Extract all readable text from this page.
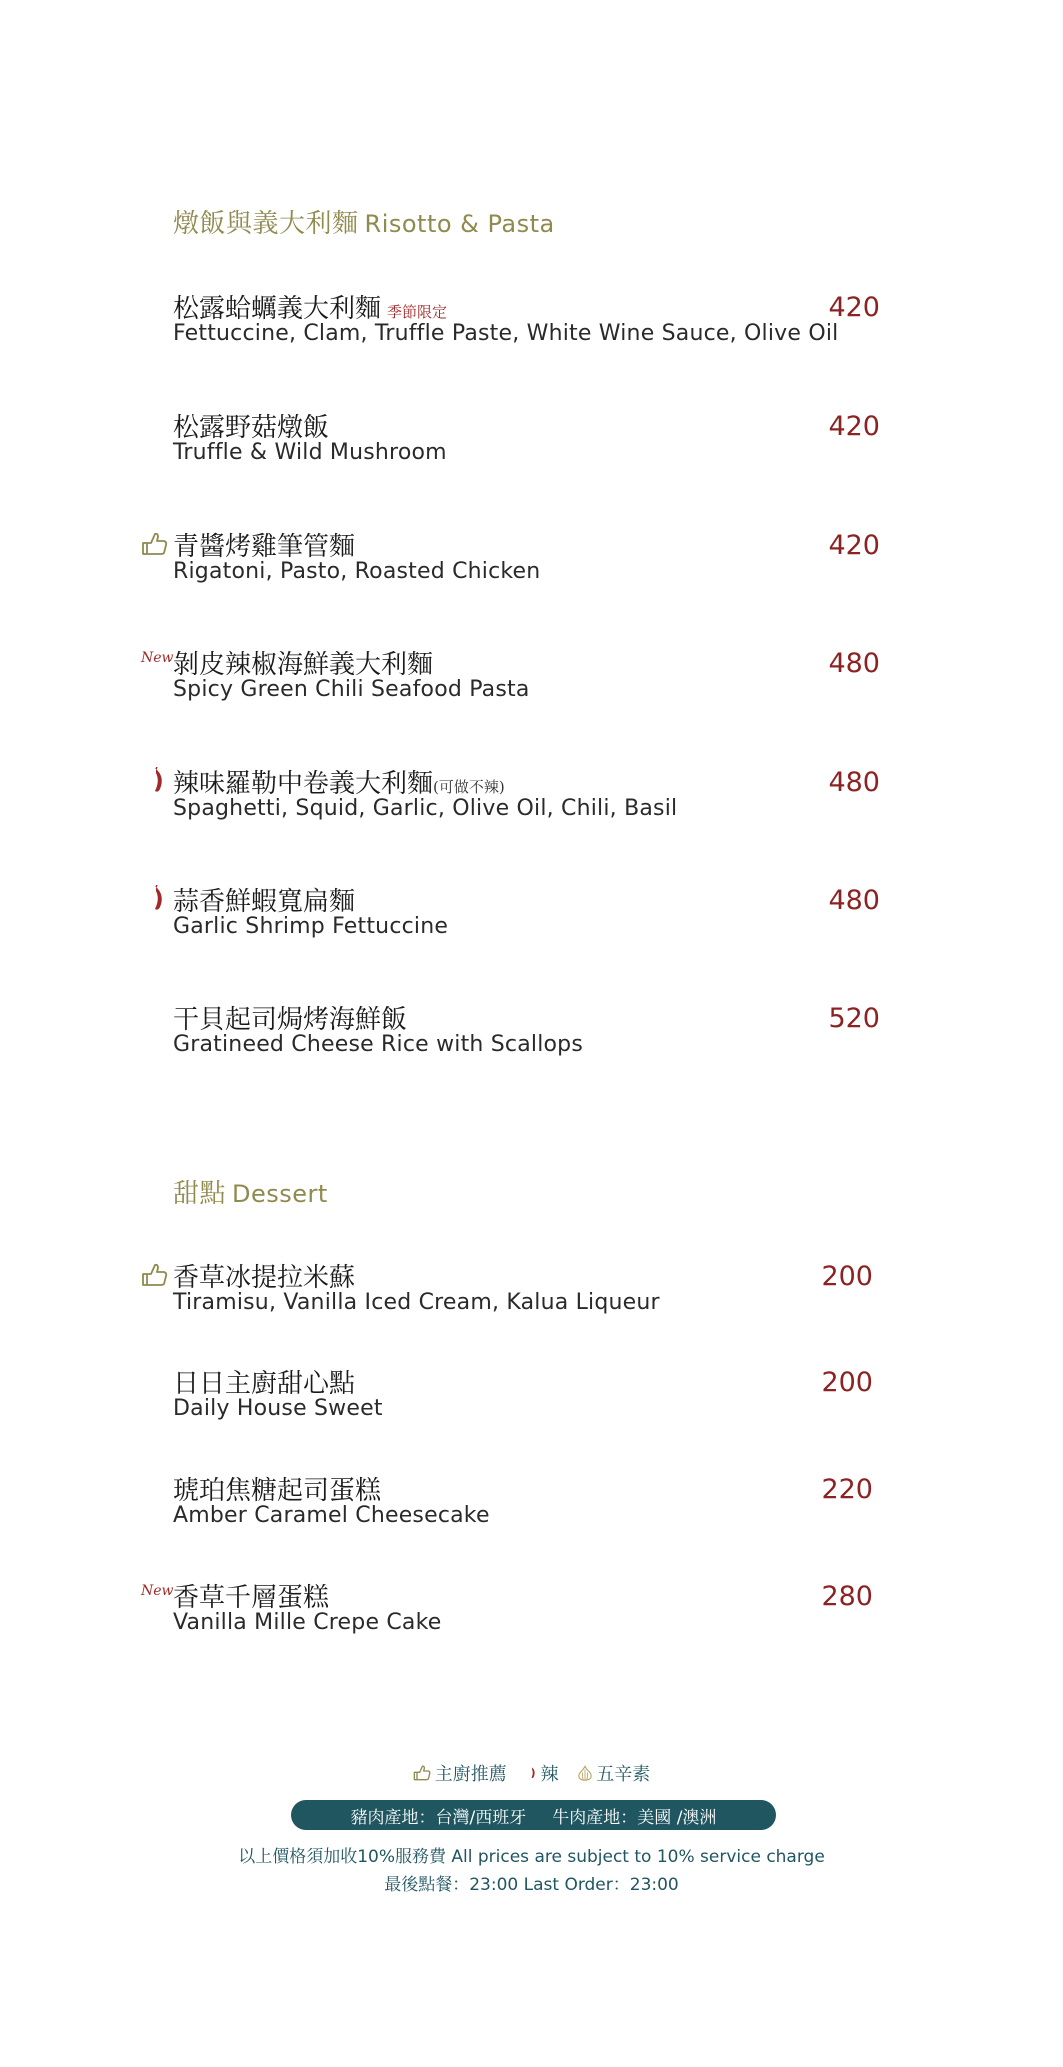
燉飯與義大利麵 Risotto & Pasta
松露蛤蠣義大利麵 季節限定
Fettuccine, Clam, Truffle Paste, White Wine Sauce, Olive Oil
420
松露野菇燉飯
Truffle & Wild Mushroom
420
青醬烤雞筆管麵
Rigatoni, Pasto, Roasted Chicken
420
New 剝皮辣椒海鮮義大利麵
Spicy Green Chili Seafood Pasta
480
辣味羅勒中卷義大利麵(可做不辣)
Spaghetti, Squid, Garlic, Olive Oil, Chili, Basil
480
蒜香鮮蝦寬扁麵
Garlic Shrimp Fettuccine
480
干貝起司焗烤海鮮飯
Gratineed Cheese Rice with Scallops
520
甜點 Dessert
香草冰提拉米蘇
Tiramisu, Vanilla Iced Cream, Kalua Liqueur
200
日日主廚甜心點
Daily House Sweet
200
琥珀焦糖起司蛋糕
Amber Caramel Cheesecake
220
New 香草千層蛋糕
Vanilla Mille Crepe Cake
280
主廚推薦
辣
五辛素
豬肉產地：台灣/西班牙 牛肉產地：美國 /澳洲
以上價格須加收10%服務費 All prices are subject to 10% service charge
最後點餐：23:00 Last Order：23:00
